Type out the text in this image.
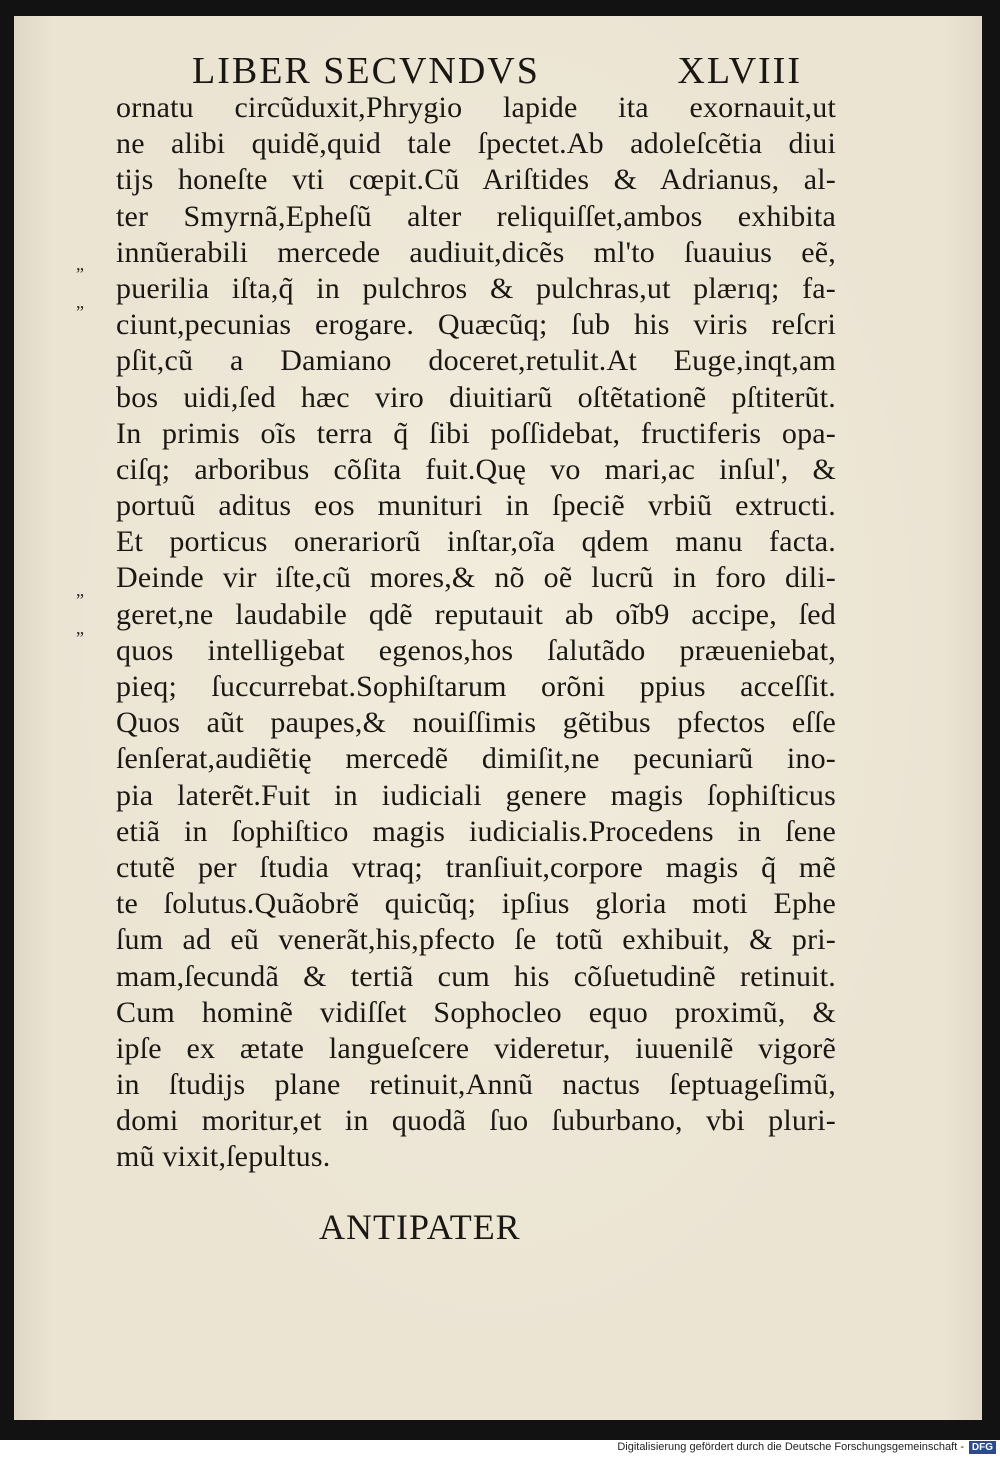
LIBER SECVNDVS	XLVIII
ornatu circũduxit,Phrygio lapide ita exornauit,ut
ne alibi quidẽ,quid tale ſpectet.Ab adoleſcẽtia diui
tijs honeſte vti cœpit.Cũ Ariſtides & Adrianus, al-
ter Smyrnã,Epheſũ alter reliquiſſet,ambos exhibita
innũerabili mercede audiuit,dicẽs ml'to ſuauius eẽ,
puerilia iſta,q̃ in pulchros & pulchras,ut plærıq; fa-
ciunt,pecunias erogare. Quæcũq; ſub his viris reſcri
pſit,cũ a Damiano doceret,retulit.At Euge,inqt,am
bos uidi,ſed hæc viro diuitiarũ oſtẽtationẽ pſtiterũt.
In primis oĩs terra q̃ ſibi poſſidebat, fructiferis opa-
ciſq; arboribus cõſita fuit.Quę vo mari,ac inſul', &
portuũ aditus eos munituri in ſpeciẽ vrbiũ extructi.
Et porticus onerariorũ inſtar,oĩa qdem manu facta.
Deinde vir iſte,cũ mores,& nõ oẽ lucrũ in foro dili-
geret,ne laudabile qdẽ reputauit ab oĩb9 accipe, ſed
quos intelligebat egenos,hos ſalutãdo præueniebat,
pieq; ſuccurrebat.Sophiſtarum orõni ppius acceſſit.
Quos aũt paupes,& nouiſſimis gẽtibus pfectos eſſe
ſenſerat,audiẽtię mercedẽ dimiſit,ne pecuniarũ ino-
pia laterẽt.Fuit in iudiciali genere magis ſophiſticus
etiã in ſophiſtico magis iudicialis.Procedens in ſene
ctutẽ per ſtudia vtraq; tranſiuit,corpore magis q̃ mẽ
te ſolutus.Quãobrẽ quicũq; ipſius gloria moti Ephe
ſum ad eũ venerãt,his,pfecto ſe totũ exhibuit, & pri-
mam,ſecundã & tertiã cum his cõſuetudinẽ retinuit.
Cum hominẽ vidiſſet Sophocleo equo proximũ, &
ipſe ex ætate langueſcere videretur, iuuenilẽ vigorẽ
in ſtudijs plane retinuit,Annũ nactus ſeptuageſimũ,
domi moritur,et in quodã ſuo ſuburbano, vbi pluri-
mũ vixit,ſepultus.
”
”
”
”
ANTIPATER
Digitalisierung gefördert durch die Deutsche Forschungsgemeinschaft - DFG
